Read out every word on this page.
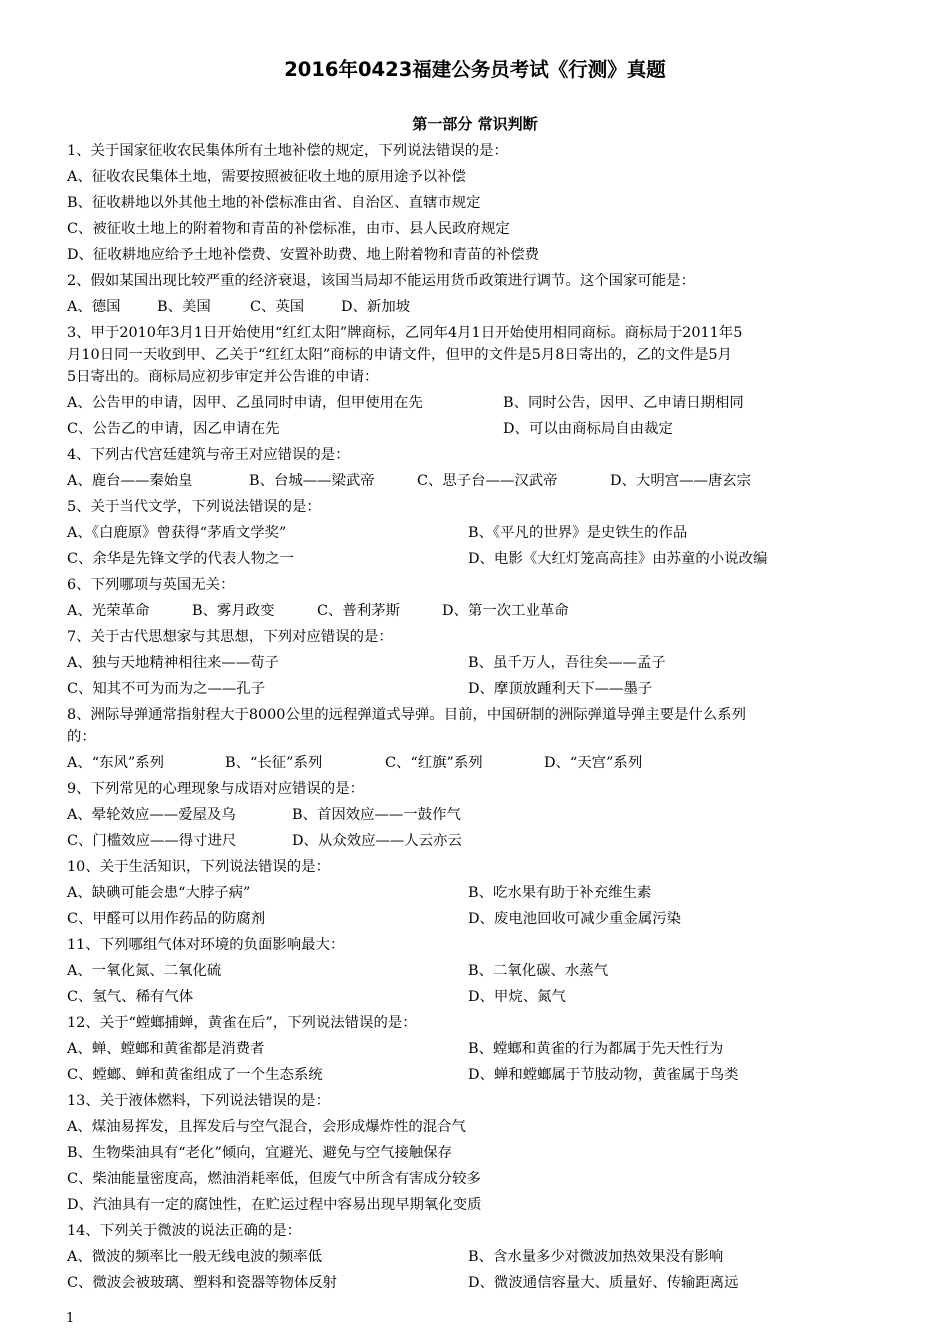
2016年0423福建公务员考试《行测》真题
第一部分 常识判断
1、关于国家征收农民集体所有土地补偿的规定，下列说法错误的是：
A、征收农民集体土地，需要按照被征收土地的原用途予以补偿
B、征收耕地以外其他土地的补偿标准由省、自治区、直辖市规定
C、被征收土地上的附着物和青苗的补偿标准，由市、县人民政府规定
D、征收耕地应给予土地补偿费、安置补助费、地上附着物和青苗的补偿费
2、假如某国出现比较严重的经济衰退，该国当局却不能运用货币政策进行调节。这个国家可能是：
A、德国	B、美国	C、英国	D、新加坡
3、甲于2010年3月1日开始使用“红红太阳”牌商标，乙同年4月1日开始使用相同商标。商标局于2011年5
月10日同一天收到甲、乙关于“红红太阳”商标的申请文件，但甲的文件是5月8日寄出的，乙的文件是5月
5日寄出的。商标局应初步审定并公告谁的申请：
A、公告甲的申请，因甲、乙虽同时申请，但甲使用在先	B、同时公告，因甲、乙申请日期相同
C、公告乙的申请，因乙申请在先	D、可以由商标局自由裁定
4、下列古代宫廷建筑与帝王对应错误的是：
A、鹿台——秦始皇	B、台城——梁武帝	C、思子台——汉武帝	D、大明宫——唐玄宗
5、关于当代文学，下列说法错误的是：
A、《白鹿原》曾获得“茅盾文学奖”	B、《平凡的世界》是史铁生的作品
C、余华是先锋文学的代表人物之一	D、电影《大红灯笼高高挂》由苏童的小说改编
6、下列哪项与英国无关：
A、光荣革命	B、雾月政变	C、普利茅斯	D、第一次工业革命
7、关于古代思想家与其思想，下列对应错误的是：
A、独与天地精神相往来——荀子	B、虽千万人，吾往矣——孟子
C、知其不可为而为之——孔子	D、摩顶放踵利天下——墨子
8、洲际导弹通常指射程大于8000公里的远程弹道式导弹。目前，中国研制的洲际弹道导弹主要是什么系列
的：
A、“东风”系列	B、“长征”系列	C、“红旗”系列	D、“天宫”系列
9、下列常见的心理现象与成语对应错误的是：
A、晕轮效应——爱屋及乌	B、首因效应——一鼓作气
C、门槛效应——得寸进尺	D、从众效应——人云亦云
10、关于生活知识，下列说法错误的是：
A、缺碘可能会患“大脖子病”	B、吃水果有助于补充维生素
C、甲醛可以用作药品的防腐剂	D、废电池回收可减少重金属污染
11、下列哪组气体对环境的负面影响最大：
A、一氧化氮、二氧化硫	B、二氧化碳、水蒸气
C、氢气、稀有气体	D、甲烷、氮气
12、关于“螳螂捕蝉，黄雀在后”，下列说法错误的是：
A、蝉、螳螂和黄雀都是消费者	B、螳螂和黄雀的行为都属于先天性行为
C、螳螂、蝉和黄雀组成了一个生态系统	D、蝉和螳螂属于节肢动物，黄雀属于鸟类
13、关于液体燃料，下列说法错误的是：
A、煤油易挥发，且挥发后与空气混合，会形成爆炸性的混合气
B、生物柴油具有“老化”倾向，宜避光、避免与空气接触保存
C、柴油能量密度高，燃油消耗率低，但废气中所含有害成分较多
D、汽油具有一定的腐蚀性，在贮运过程中容易出现早期氧化变质
14、下列关于微波的说法正确的是：
A、微波的频率比一般无线电波的频率低	B、含水量多少对微波加热效果没有影响
C、微波会被玻璃、塑料和瓷器等物体反射	D、微波通信容量大、质量好、传输距离远
1
